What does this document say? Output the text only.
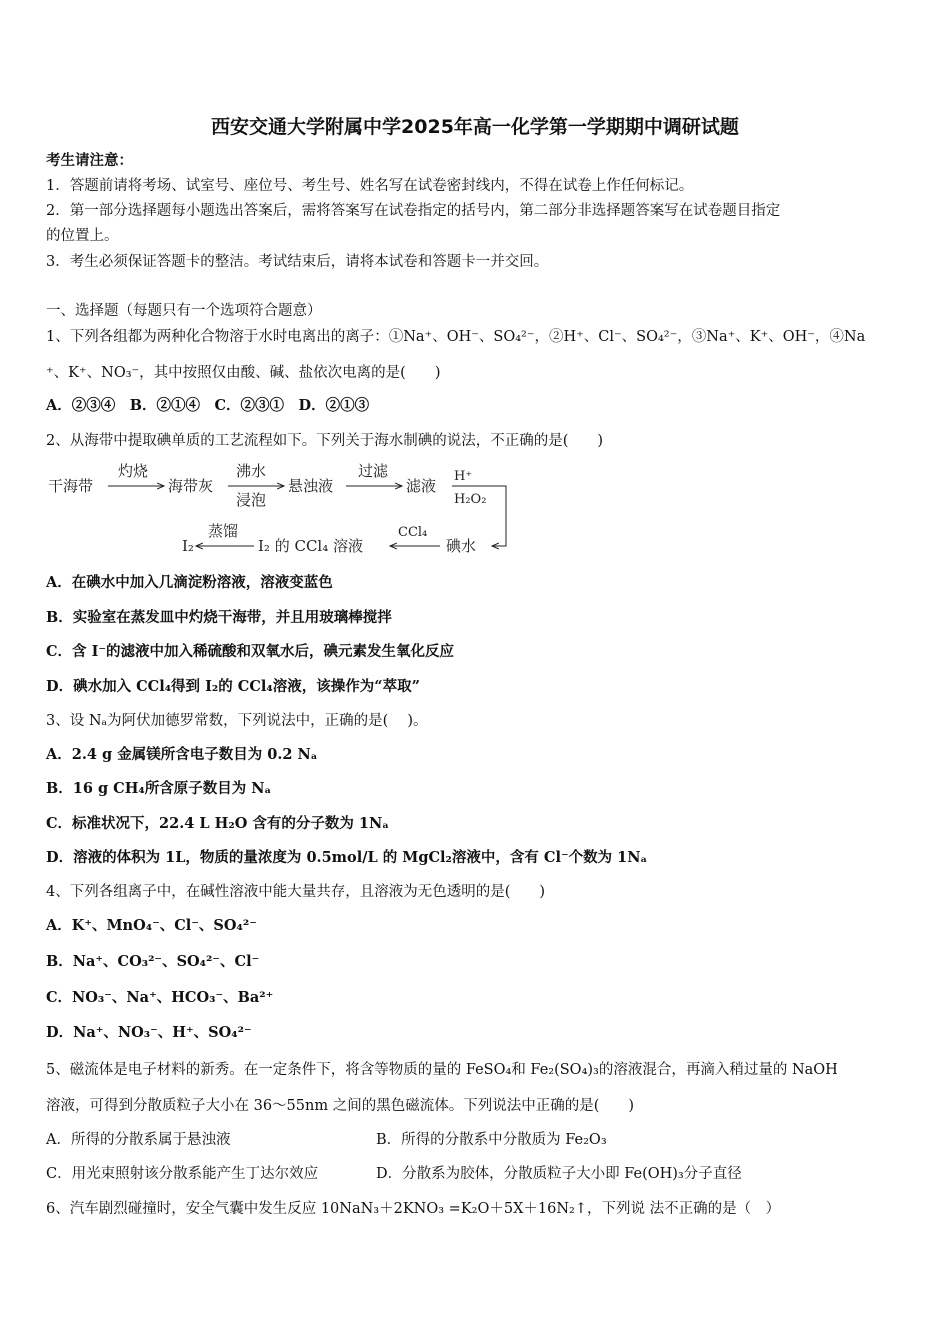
西安交通大学附属中学2025年高一化学第一学期期中调研试题
考生请注意：
1．答题前请将考场、试室号、座位号、考生号、姓名写在试卷密封线内，不得在试卷上作任何标记。
2．第一部分选择题每小题选出答案后，需将答案写在试卷指定的括号内，第二部分非选择题答案写在试卷题目指定
的位置上。
3．考生必须保证答题卡的整洁。考试结束后，请将本试卷和答题卡一并交回。
一、选择题（每题只有一个选项符合题意）
1、下列各组都为两种化合物溶于水时电离出的离子：①Na⁺、OH⁻、SO₄²⁻，②H⁺、Cl⁻、SO₄²⁻，③Na⁺、K⁺、OH⁻，④Na
⁺、K⁺、NO₃⁻，其中按照仅由酸、碱、盐依次电离的是(　　)
A．②③④　B．②①④　C．②③①　D．②①③
2、从海带中提取碘单质的工艺流程如下。下列关于海水制碘的说法，不正确的是(　　)
干海带
灼烧
海带灰
沸水
浸泡
悬浊液
过滤
滤液
H⁺
H₂O₂
碘水
CCl₄
I₂ 的 CCl₄ 溶液
蒸馏
I₂
A．在碘水中加入几滴淀粉溶液，溶液变蓝色
B．实验室在蒸发皿中灼烧干海带，并且用玻璃棒搅拌
C．含 I⁻的滤液中加入稀硫酸和双氧水后，碘元素发生氧化反应
D．碘水加入 CCl₄得到 I₂的 CCl₄溶液，该操作为“萃取”
3、设 Nₐ为阿伏加德罗常数，下列说法中，正确的是(　 )。
A．2.4 g 金属镁所含电子数目为 0.2 Nₐ
B．16 g CH₄所含原子数目为 Nₐ
C．标准状况下，22.4 L H₂O 含有的分子数为 1Nₐ
D．溶液的体积为 1L，物质的量浓度为 0.5mol/L 的 MgCl₂溶液中，含有 Cl⁻个数为 1Nₐ
4、下列各组离子中，在碱性溶液中能大量共存，且溶液为无色透明的是(　　)
A．K⁺、MnO₄⁻、Cl⁻、SO₄²⁻
B．Na⁺、CO₃²⁻、SO₄²⁻、Cl⁻
C．NO₃⁻、Na⁺、HCO₃⁻、Ba²⁺
D．Na⁺、NO₃⁻、H⁺、SO₄²⁻
5、磁流体是电子材料的新秀。在一定条件下，将含等物质的量的 FeSO₄和 Fe₂(SO₄)₃的溶液混合，再滴入稍过量的 NaOH
溶液，可得到分散质粒子大小在 36～55nm 之间的黑色磁流体。下列说法中正确的是(　　)
A．所得的分散系属于悬浊液	B．所得的分散系中分散质为 Fe₂O₃
C．用光束照射该分散系能产生丁达尔效应	D．分散系为胶体，分散质粒子大小即 Fe(OH)₃分子直径
6、汽车剧烈碰撞时，安全气囊中发生反应 10NaN₃＋2KNO₃ =K₂O＋5X＋16N₂↑，下列说 法不正确的是（　）
